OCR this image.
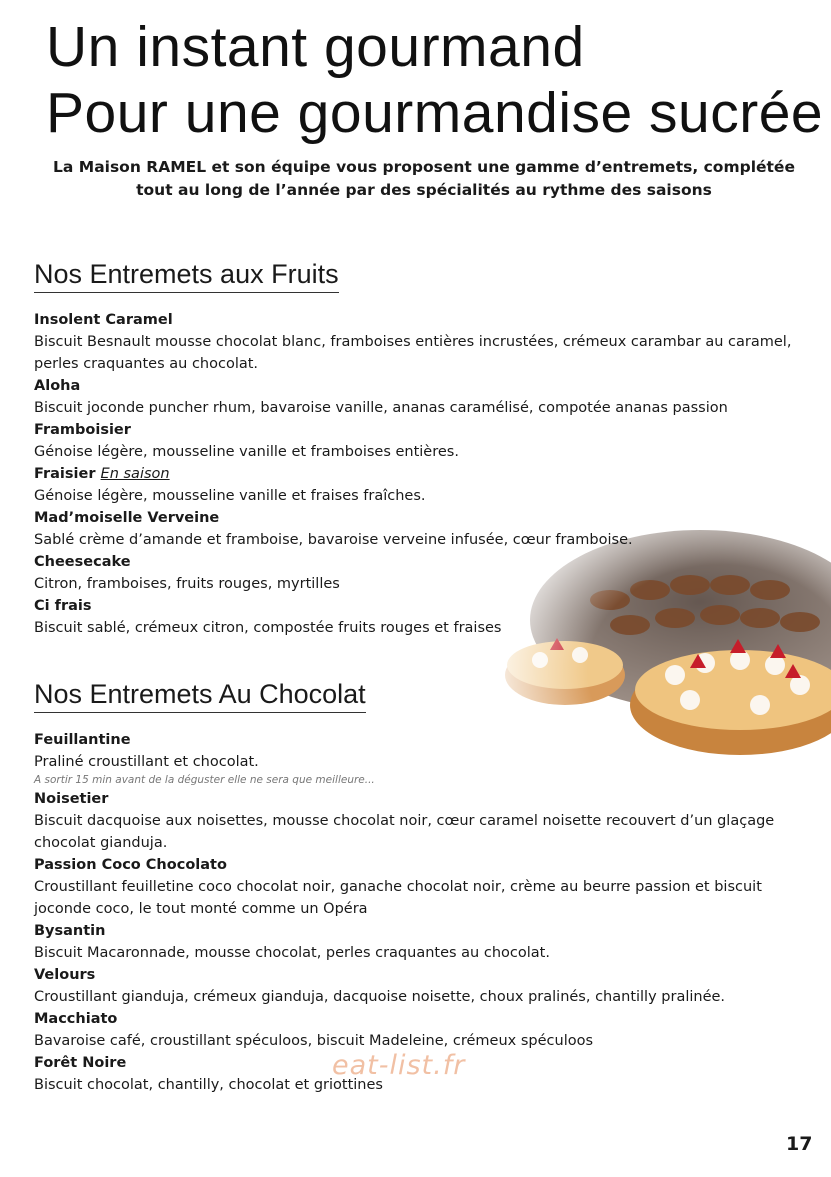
Un instant gourmand
Pour une gourmandise sucrée
La Maison RAMEL et son équipe vous proposent une gamme d’entremets, complétée tout au long de l’année par des spécialités au rythme des saisons
Nos Entremets aux Fruits
Insolent Caramel
Biscuit Besnault mousse chocolat blanc, framboises entières incrustées, crémeux carambar au caramel, perles craquantes au chocolat.
Aloha
Biscuit joconde puncher rhum, bavaroise vanille, ananas caramélisé, compotée ananas passion
Framboisier
Génoise légère, mousseline vanille et framboises entières.
Fraisier En saison
Génoise légère, mousseline vanille et fraises fraîches.
Mad’moiselle Verveine
Sablé crème d’amande et framboise, bavaroise verveine infusée, cœur framboise.
Cheesecake
Citron, framboises, fruits rouges, myrtilles
Ci frais
Biscuit sablé, crémeux citron, compostée fruits rouges et fraises
Nos Entremets Au Chocolat
Feuillantine
Praliné croustillant et chocolat.
A sortir 15 min avant de la déguster elle ne sera que meilleure...
Noisetier
Biscuit dacquoise aux noisettes, mousse chocolat noir, cœur caramel noisette recouvert d’un glaçage chocolat gianduja.
Passion Coco Chocolato
Croustillant feuilletine coco chocolat noir, ganache chocolat noir, crème au beurre passion et biscuit joconde coco, le tout monté comme un Opéra
Bysantin
Biscuit Macaronnade, mousse chocolat, perles craquantes au chocolat.
Velours
Croustillant gianduja, crémeux gianduja, dacquoise noisette, choux pralinés, chantilly pralinée.
Macchiato
Bavaroise café, croustillant spéculoos, biscuit Madeleine, crémeux spéculoos
Forêt Noire
Biscuit chocolat, chantilly, chocolat et griottines
eat-list.fr
17
